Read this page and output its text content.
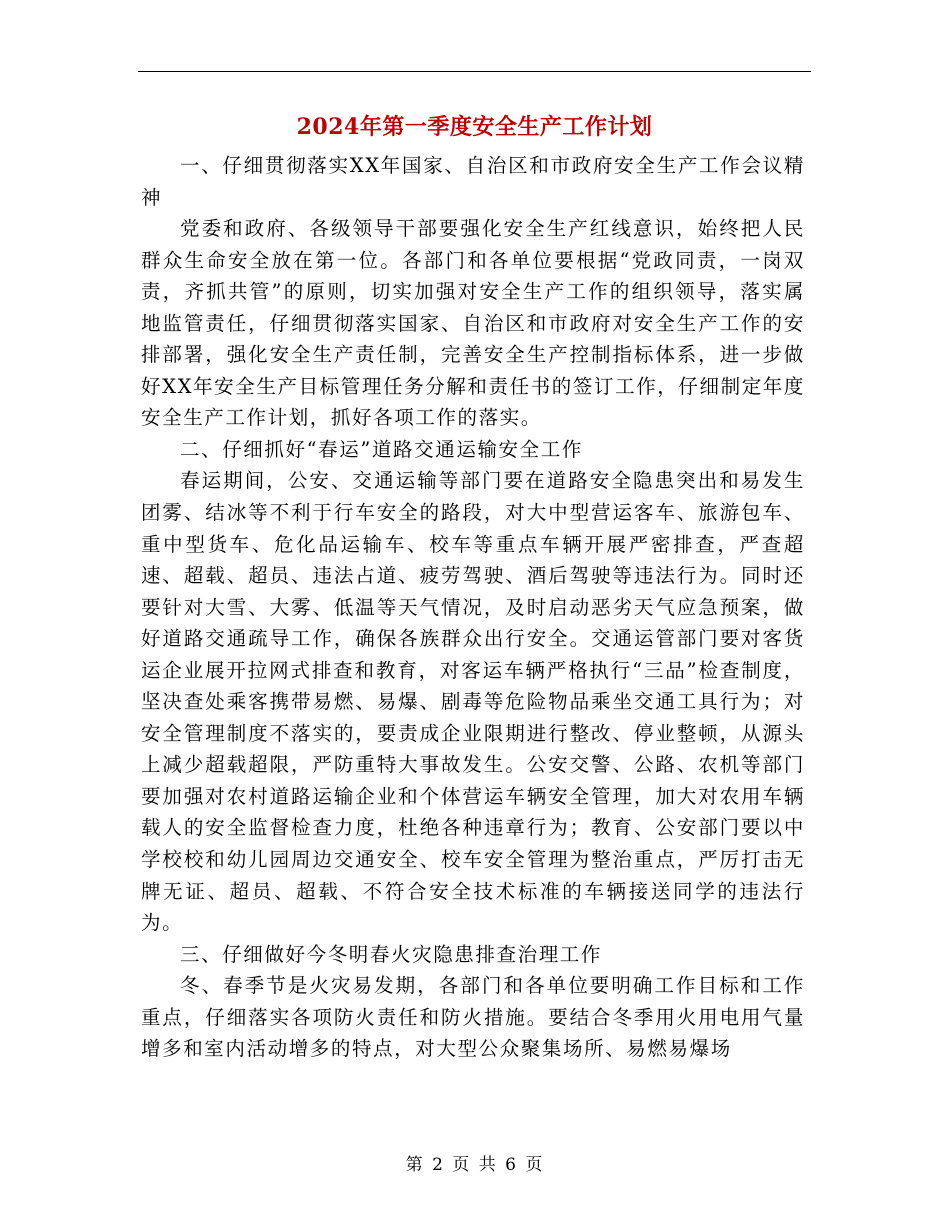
2024年第一季度安全生产工作计划

一、仔细贯彻落实XX年国家、自治区和市政府安全生产工作会议精神

党委和政府、各级领导干部要强化安全生产红线意识，始终把人民群众生命安全放在第一位。各部门和各单位要根据“党政同责，一岗双责，齐抓共管”的原则，切实加强对安全生产工作的组织领导，落实属地监管责任，仔细贯彻落实国家、自治区和市政府对安全生产工作的安排部署，强化安全生产责任制，完善安全生产控制指标体系，进一步做好XX年安全生产目标管理任务分解和责任书的签订工作，仔细制定年度安全生产工作计划，抓好各项工作的落实。

二、仔细抓好“春运”道路交通运输安全工作

春运期间，公安、交通运输等部门要在道路安全隐患突出和易发生团雾、结冰等不利于行车安全的路段，对大中型营运客车、旅游包车、重中型货车、危化品运输车、校车等重点车辆开展严密排查，严查超速、超载、超员、违法占道、疲劳驾驶、酒后驾驶等违法行为。同时还要针对大雪、大雾、低温等天气情况，及时启动恶劣天气应急预案，做好道路交通疏导工作，确保各族群众出行安全。交通运管部门要对客货运企业展开拉网式排查和教育，对客运车辆严格执行“三品”检查制度，坚决查处乘客携带易燃、易爆、剧毒等危险物品乘坐交通工具行为；对安全管理制度不落实的，要责成企业限期进行整改、停业整顿，从源头上减少超载超限，严防重特大事故发生。公安交警、公路、农机等部门要加强对农村道路运输企业和个体营运车辆安全管理，加大对农用车辆载人的安全监督检查力度，杜绝各种违章行为；教育、公安部门要以中学校校和幼儿园周边交通安全、校车安全管理为整治重点，严厉打击无牌无证、超员、超载、不符合安全技术标准的车辆接送同学的违法行为。

三、仔细做好今冬明春火灾隐患排查治理工作

冬、春季节是火灾易发期，各部门和各单位要明确工作目标和工作重点，仔细落实各项防火责任和防火措施。要结合冬季用火用电用气量增多和室内活动增多的特点，对大型公众聚集场所、易燃易爆场

第 2 页 共 6 页
